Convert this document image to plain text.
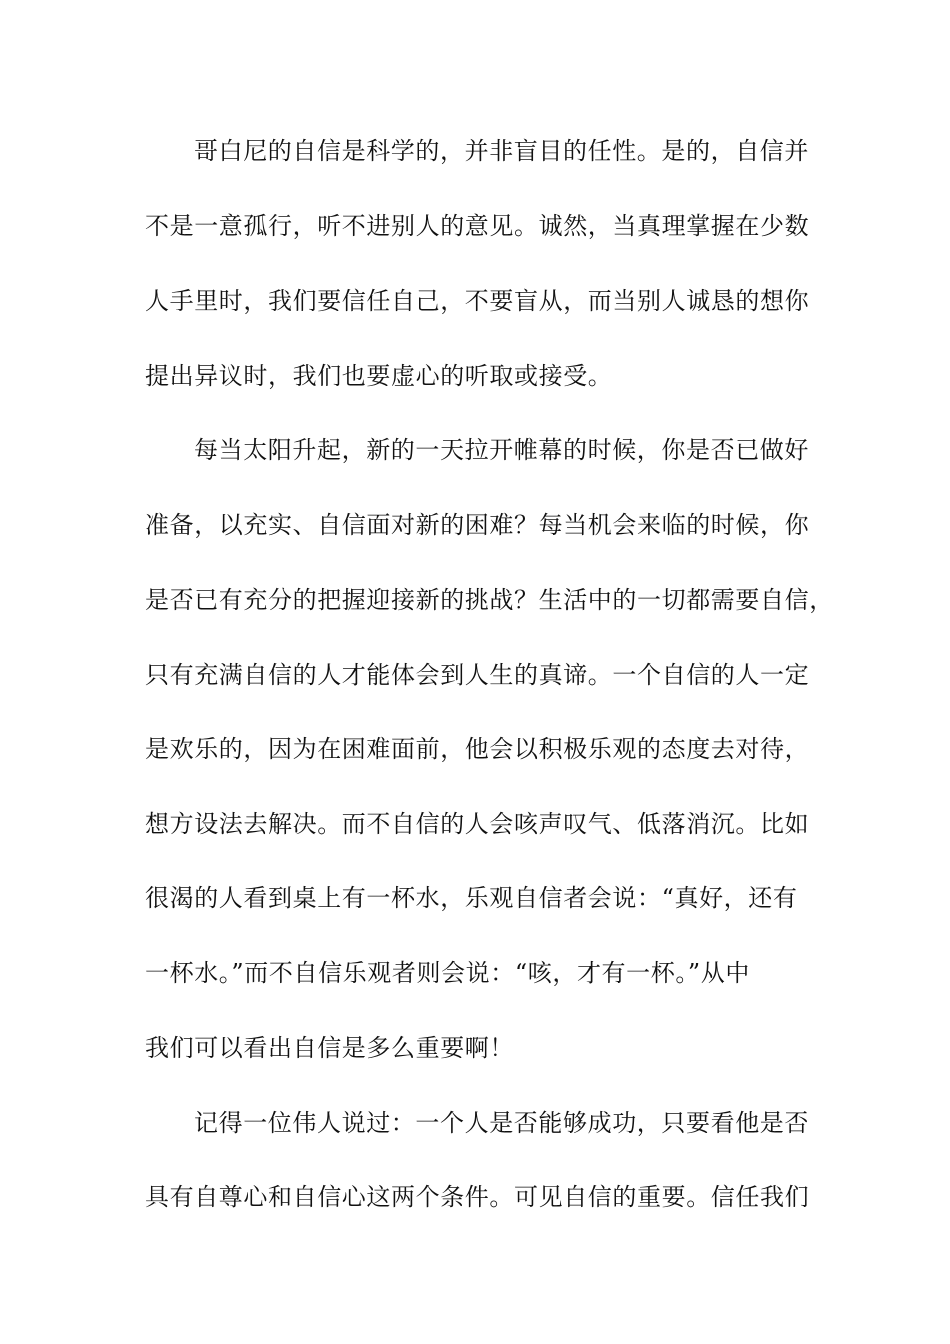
哥白尼的自信是科学的，并非盲目的任性。是的，自信并
不是一意孤行，听不进别人的意见。诚然，当真理掌握在少数
人手里时，我们要信任自己，不要盲从，而当别人诚恳的想你
提出异议时，我们也要虚心的听取或接受。
每当太阳升起，新的一天拉开帷幕的时候，你是否已做好
准备，以充实、自信面对新的困难？每当机会来临的时候，你
是否已有充分的把握迎接新的挑战？生活中的一切都需要自信，
只有充满自信的人才能体会到人生的真谛。一个自信的人一定
是欢乐的，因为在困难面前，他会以积极乐观的态度去对待，
想方设法去解决。而不自信的人会咳声叹气、低落消沉。比如
很渴的人看到桌上有一杯水，乐观自信者会说：“真好，还有
一杯水。”而不自信乐观者则会说：“咳，才有一杯。”从中
我们可以看出自信是多么重要啊！
记得一位伟人说过：一个人是否能够成功，只要看他是否
具有自尊心和自信心这两个条件。可见自信的重要。信任我们
